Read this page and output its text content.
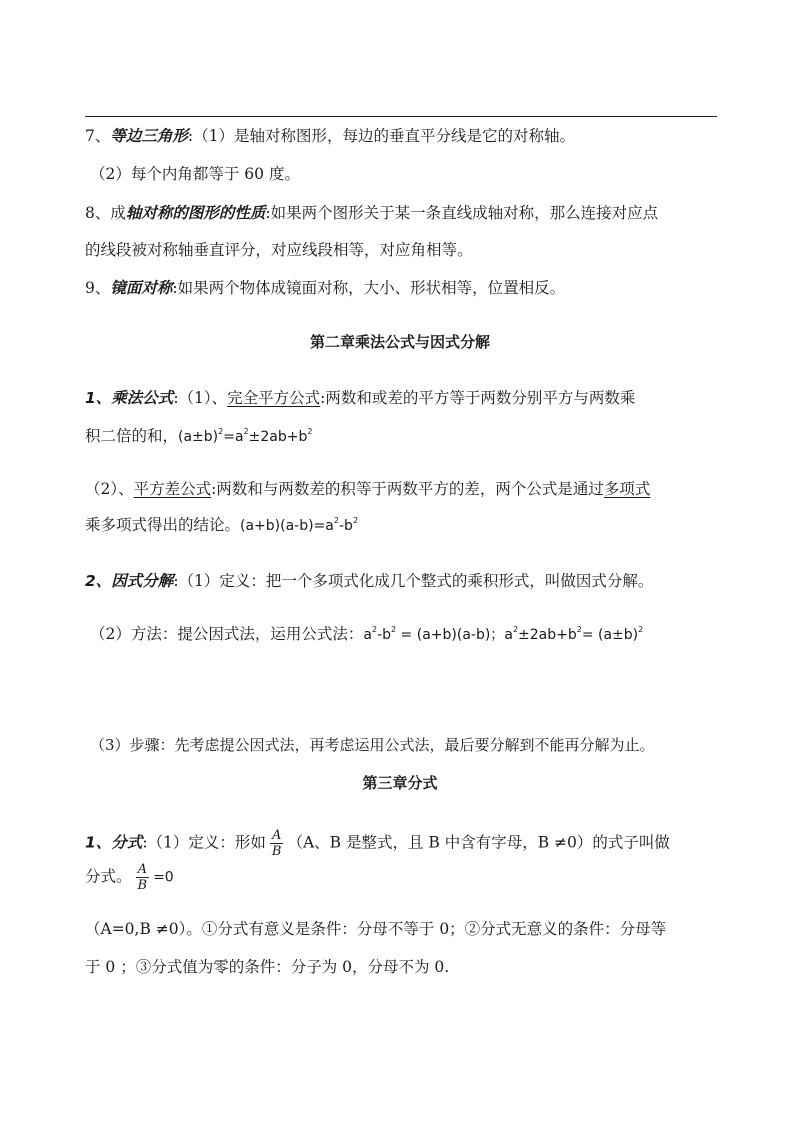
7、等边三角形:（1）是轴对称图形，每边的垂直平分线是它的对称轴。
（2）每个内角都等于 60 度。
8、成轴对称的图形的性质:如果两个图形关于某一条直线成轴对称，那么连接对应点
的线段被对称轴垂直评分，对应线段相等，对应角相等。
9、镜面对称:如果两个物体成镜面对称，大小、形状相等，位置相反。
第二章乘法公式与因式分解
1、乘法公式:（1）、完全平方公式:两数和或差的平方等于两数分别平方与两数乘
积二倍的和，$(a\pm b)^2=a^2\pm 2ab+b^2$
（2）、平方差公式:两数和与两数差的积等于两数平方的差，两个公式是通过多项式
乘多项式得出的结论。$(a+b)(a-b)=a^2-b^2$
2、因式分解:（1）定义：把一个多项式化成几个整式的乘积形式，叫做因式分解。
（2）方法：提公因式法，运用公式法：$a^2-b^2 = (a+b)(a-b)$；$a^2\pm 2ab+b^2= (a\pm b)^2$
（3）步骤：先考虑提公因式法，再考虑运用公式法，最后要分解到不能再分解为止。
第三章分式
1、分式:（1）定义：形如 $\frac{A}{B} (A$、B 是整式，且 B 中含有字母，B ≠0）的式子叫做
分式。 $\frac{A}{B} =0$
（A=0,B ≠0）。①分式有意义是条件：分母不等于 0；②分式无意义的条件：分母等
于 0 ；③分式值为零的条件：分子为 0，分母不为 0.
